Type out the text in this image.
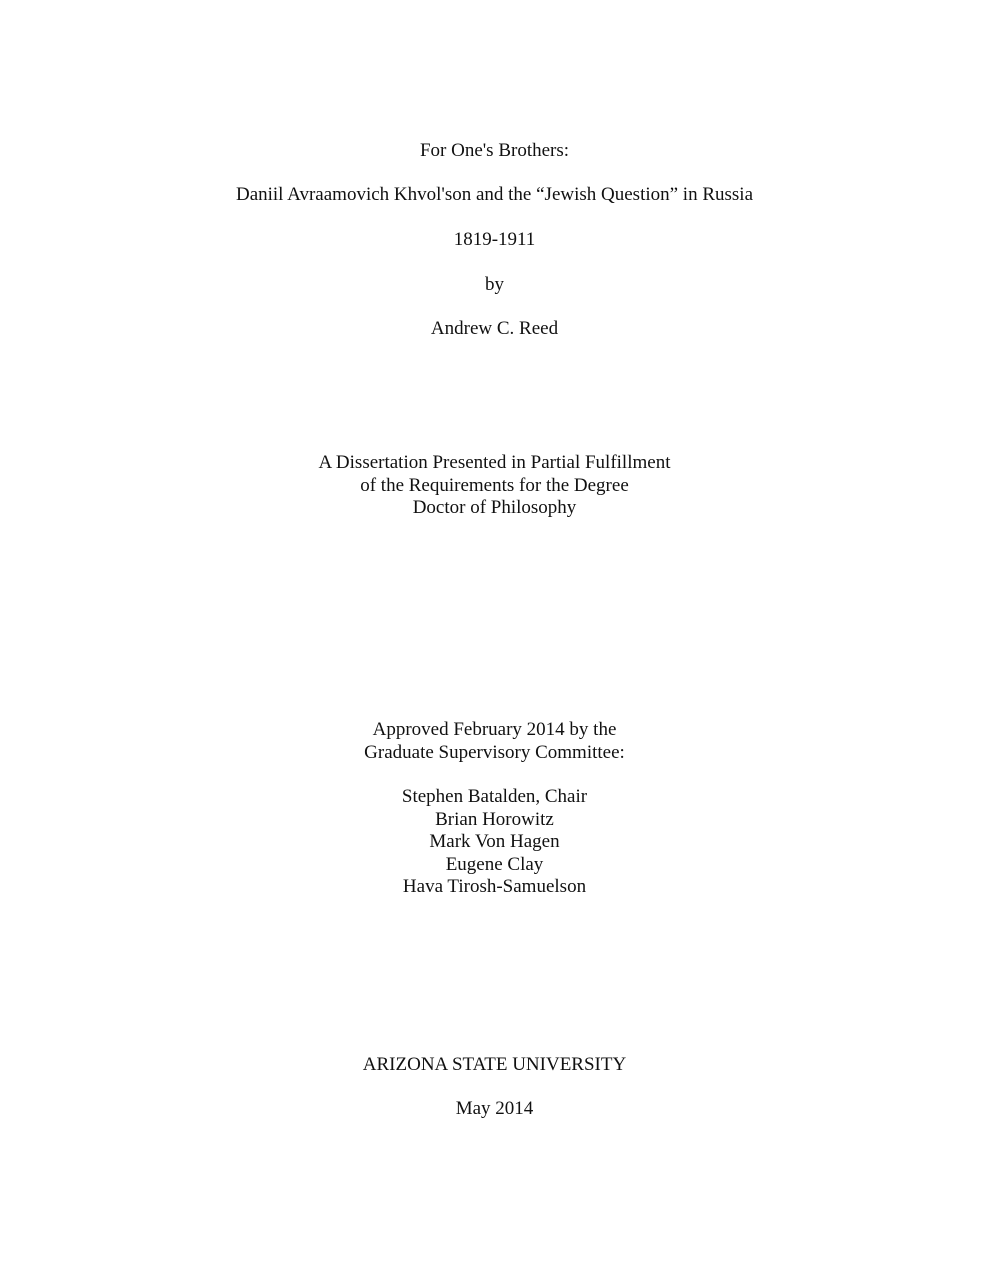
For One's Brothers:
Daniil Avraamovich Khvol'son and the “Jewish Question” in Russia
1819-1911
by
Andrew C. Reed
A Dissertation Presented in Partial Fulfillment
of the Requirements for the Degree
Doctor of Philosophy
Approved February 2014 by the
Graduate Supervisory Committee:
Stephen Batalden, Chair
Brian Horowitz
Mark Von Hagen
Eugene Clay
Hava Tirosh-Samuelson
ARIZONA STATE UNIVERSITY
May 2014
